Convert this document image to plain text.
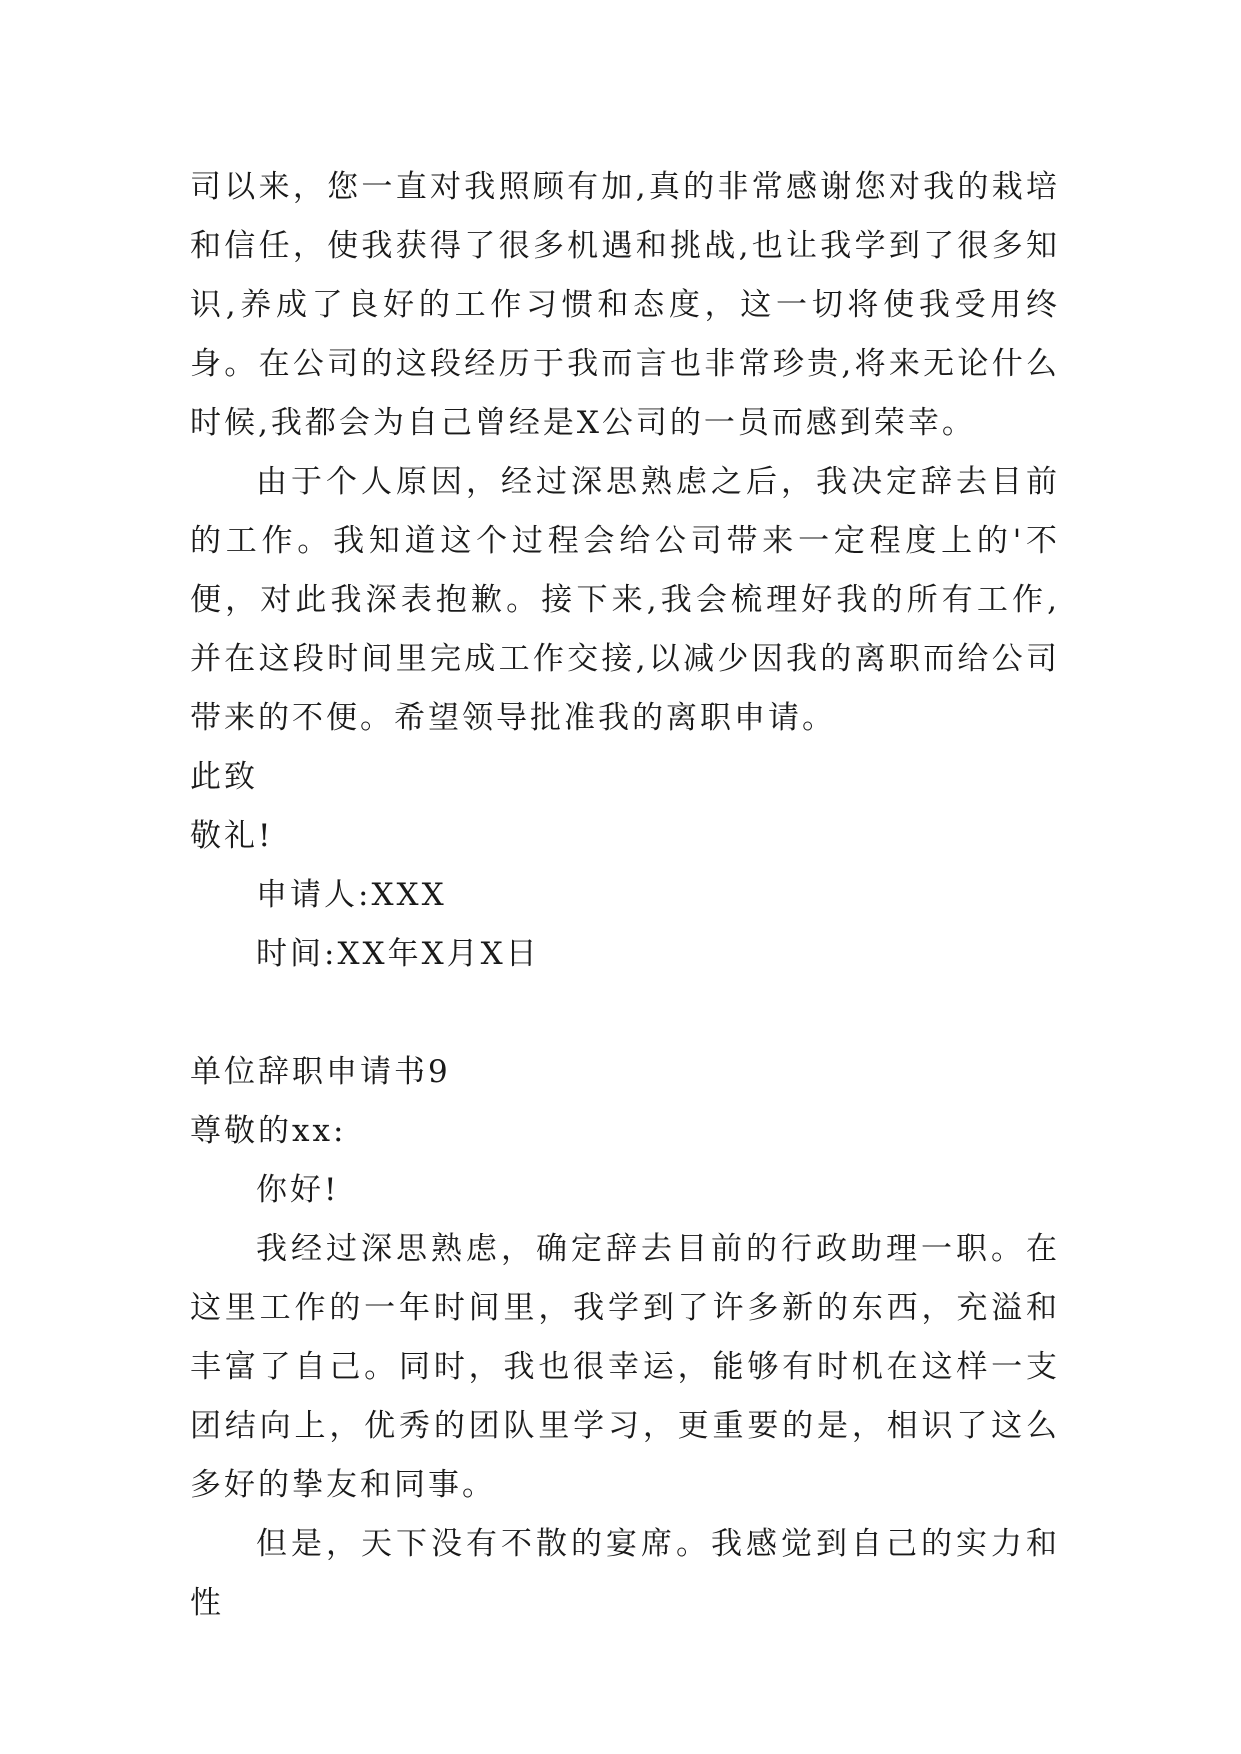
司以来，您一直对我照顾有加,真的非常感谢您对我的栽培和信任，使我获得了很多机遇和挑战,也让我学到了很多知识,养成了良好的工作习惯和态度，这一切将使我受用终身。在公司的这段经历于我而言也非常珍贵,将来无论什么时候,我都会为自己曾经是X公司的一员而感到荣幸。

由于个人原因，经过深思熟虑之后，我决定辞去目前的工作。我知道这个过程会给公司带来一定程度上的'不便，对此我深表抱歉。接下来,我会梳理好我的所有工作,并在这段时间里完成工作交接,以减少因我的离职而给公司带来的不便。希望领导批准我的离职申请。

此致

敬礼!

申请人:XXX

时间:XX年X月X日

单位辞职申请书9

尊敬的xx:

你好!

我经过深思熟虑，确定辞去目前的行政助理一职。在这里工作的一年时间里，我学到了许多新的东西，充溢和丰富了自己。同时，我也很幸运，能够有时机在这样一支团结向上，优秀的团队里学习，更重要的是，相识了这么多好的挚友和同事。

但是，天下没有不散的宴席。我感觉到自己的实力和性
